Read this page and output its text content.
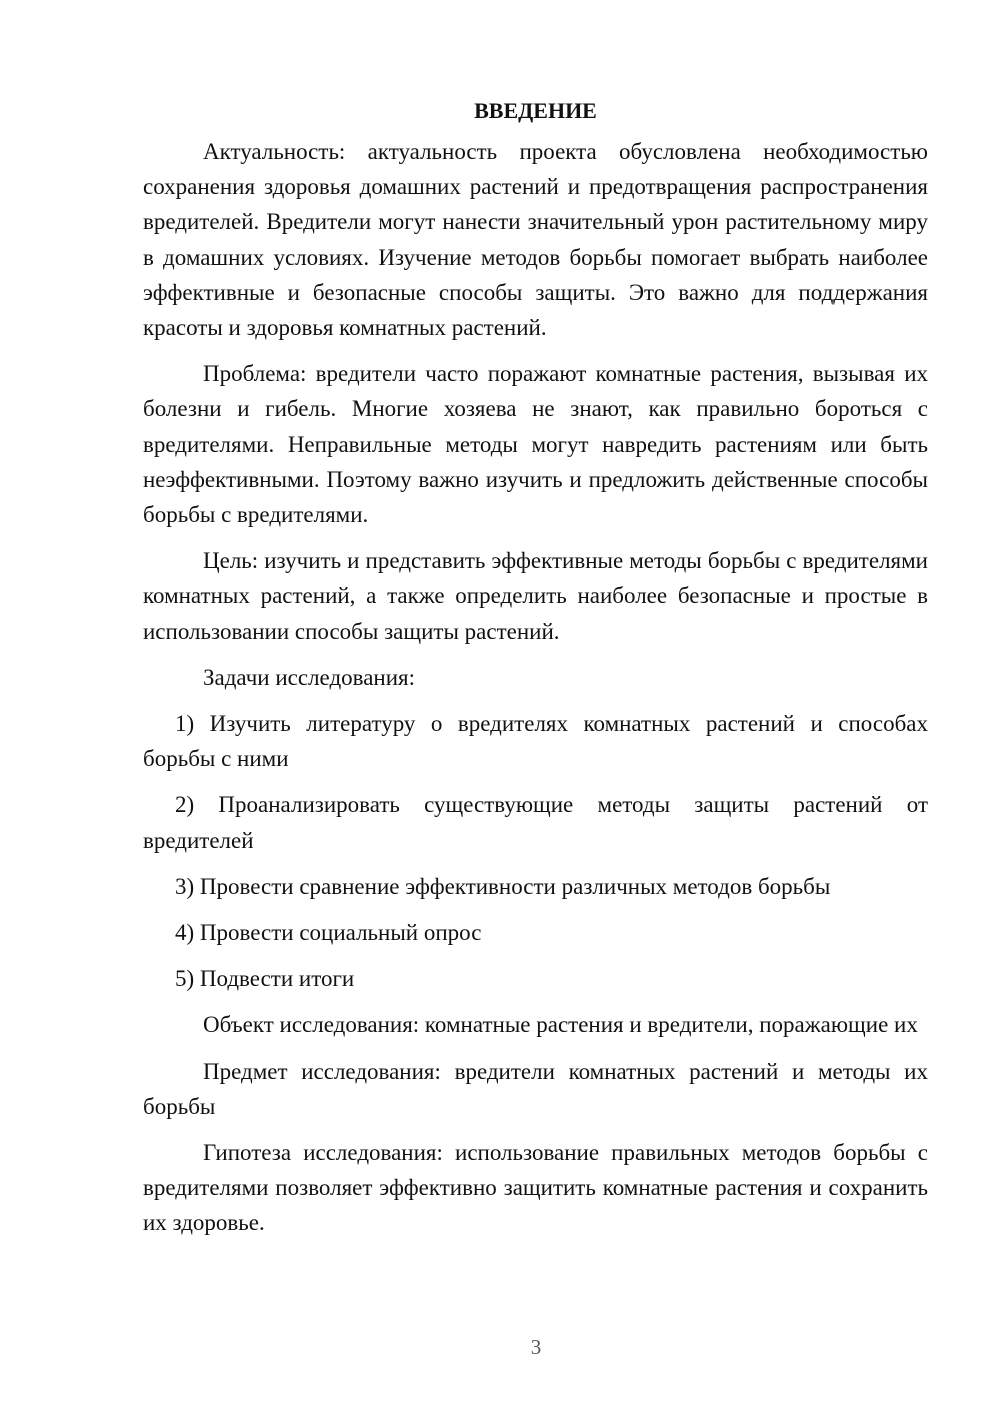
ВВЕДЕНИЕ

Актуальность: актуальность проекта обусловлена необходимостью сохранения здоровья домашних растений и предотвращения распространения вредителей. Вредители могут нанести значительный урон растительному миру в домашних условиях. Изучение методов борьбы помогает выбрать наиболее эффективные и безопасные способы защиты. Это важно для поддержания красоты и здоровья комнатных растений.

Проблема: вредители часто поражают комнатные растения, вызывая их болезни и гибель. Многие хозяева не знают, как правильно бороться с вредителями. Неправильные методы могут навредить растениям или быть неэффективными. Поэтому важно изучить и предложить действенные способы борьбы с вредителями.

Цель: изучить и представить эффективные методы борьбы с вредителями комнатных растений, а также определить наиболее безопасные и простые в использовании способы защиты растений.

Задачи исследования:

1) Изучить литературу о вредителях комнатных растений и способах борьбы с ними

2) Проанализировать существующие методы защиты растений от вредителей

3) Провести сравнение эффективности различных методов борьбы

4) Провести социальный опрос

5) Подвести итоги

Объект исследования: комнатные растения и вредители, поражающие их

Предмет исследования: вредители комнатных растений и методы их борьбы

Гипотеза исследования: использование правильных методов борьбы с вредителями позволяет эффективно защитить комнатные растения и сохранить их здоровье.

3
